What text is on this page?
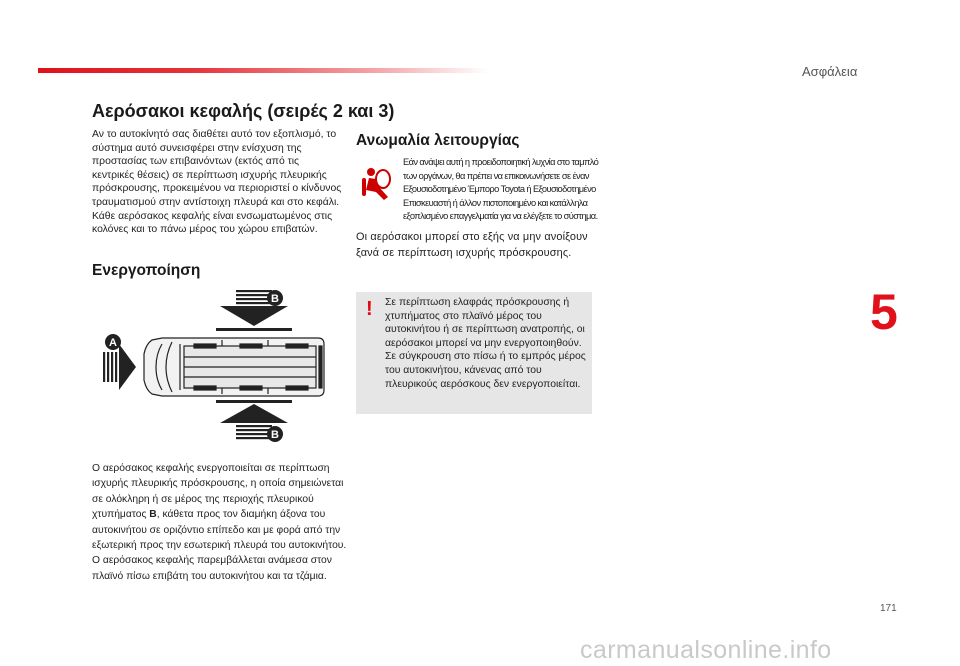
Ασφάλεια
Αερόσακοι κεφαλής (σειρές 2 και 3)
Αν το αυτοκίνητό σας διαθέτει αυτό τον εξοπλισμό, το σύστημα αυτό συνεισφέρει στην ενίσχυση της προστασίας των επιβαινόντων (εκτός από τις κεντρικές θέσεις) σε περίπτωση ισχυρής πλευρικής πρόσκρουσης, προκειμένου να περιοριστεί ο κίνδυνος τραυματισμού στην αντίστοιχη πλευρά και στο κεφάλι.
Κάθε αερόσακος κεφαλής είναι ενσωματωμένος στις κολόνες και το πάνω μέρος του χώρου επιβατών.
Ενεργοποίηση
A
B
B
Ο αερόσακος κεφαλής ενεργοποιείται σε περίπτωση ισχυρής πλευρικής πρόσκρουσης, η οποία σημειώνεται σε ολόκληρη ή σε μέρος της περιοχής πλευρικού χτυπήματος B, κάθετα προς τον διαμήκη άξονα του αυτοκινήτου σε οριζόντιο επίπεδο και με φορά από την εξωτερική προς την εσωτερική πλευρά του αυτοκινήτου.
Ο αερόσακος κεφαλής παρεμβάλλεται ανάμεσα στον πλαϊνό πίσω επιβάτη του αυτοκινήτου και τα τζάμια.
Ανωμαλία λειτουργίας
Εάν ανάψει αυτή η προειδοποιητική λυχνία στο ταμπλό των οργάνων, θα πρέπει να επικοινωνήσετε σε έναν Εξουσιοδοτημένο Έμπορο Toyota ή Εξουσιοδοτημένο Επισκευαστή ή άλλον πιστοποιημένο και κατάλληλα εξοπλισμένο επαγγελματία για να ελέγξετε το σύστημα.
Οι αερόσακοι μπορεί στο εξής να μην ανοίξουν ξανά σε περίπτωση ισχυρής πρόσκρουσης.
!	Σε περίπτωση ελαφράς πρόσκρουσης ή χτυπήματος στο πλαϊνό μέρος του αυτοκινήτου ή σε περίπτωση ανατροπής, οι αερόσακοι μπορεί να μην ενεργοποιηθούν.
Σε σύγκρουση στο πίσω ή το εμπρός μέρος του αυτοκινήτου, κάνενας από του πλευρικούς αερόσκους δεν ενεργοποιείται.
5
171
carmanualsonline.info
